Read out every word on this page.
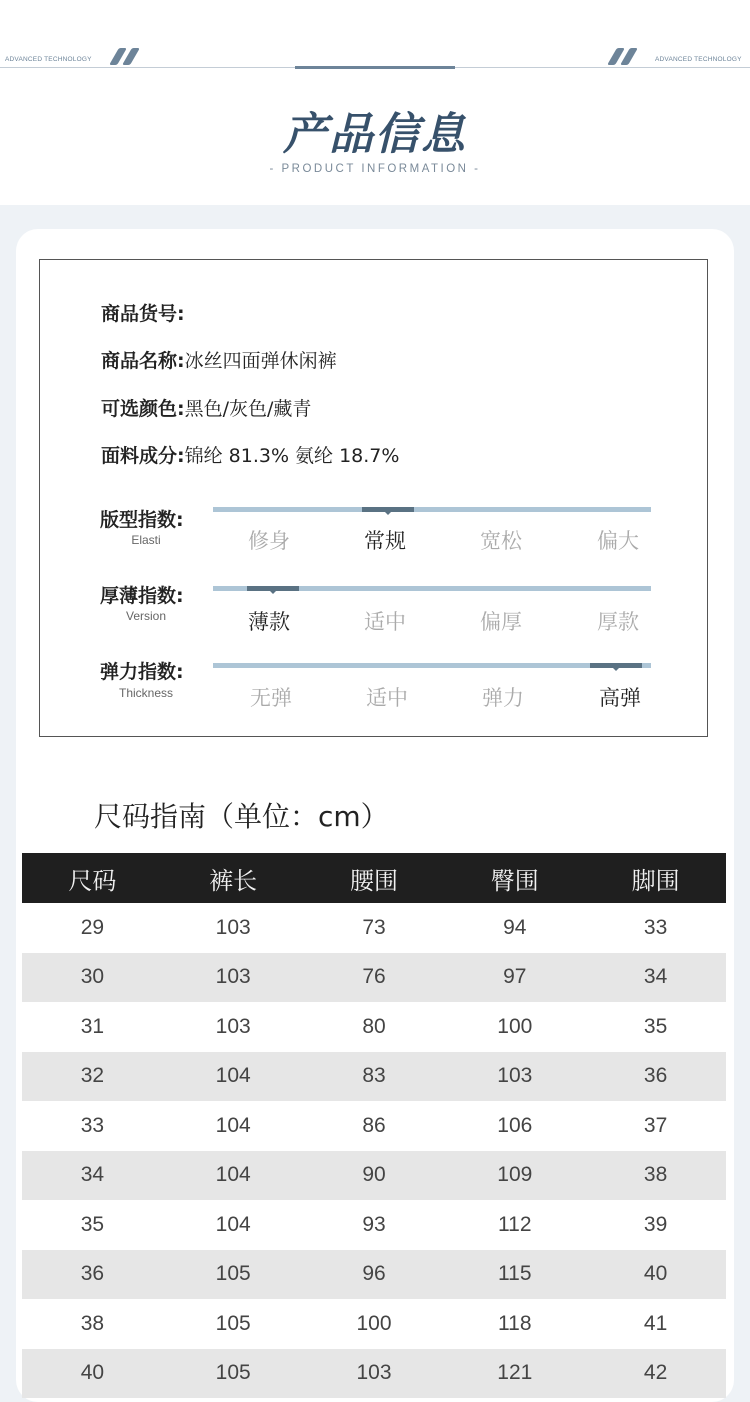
ADVANCED TECHNOLOGY	ADVANCED TECHNOLOGY
产品信息
- PRODUCT INFORMATION -
商品货号:
商品名称:冰丝四面弹休闲裤
可选颜色:黑色/灰色/藏青
面料成分:锦纶 81.3% 氨纶 18.7%
版型指数:
Elasti	修身	常规	宽松	偏大
厚薄指数:
Version	薄款	适中	偏厚	厚款
弹力指数:
Thickness	无弹	适中	弹力	高弹
尺码指南（单位：cm）
尺码	裤长	腰围	臀围	脚围
29	103	73	94	33
30	103	76	97	34
31	103	80	100	35
32	104	83	103	36
33	104	86	106	37
34	104	90	109	38
35	104	93	112	39
36	105	96	115	40
38	105	100	118	41
40	105	103	121	42
